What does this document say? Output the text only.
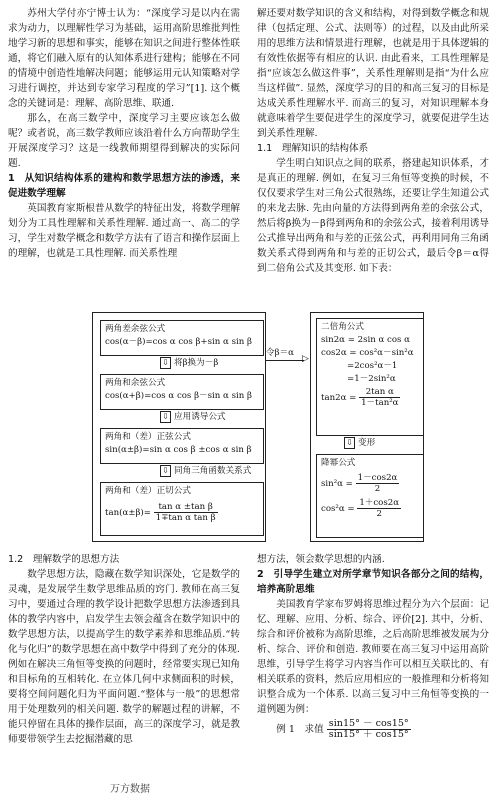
苏州大学付亦宁博士认为：“深度学习是以内在需求为动力，以理解性学习为基础，运用高阶思维批判性地学习新的思想和事实，能够在知识之间进行整体性联通，将它们融入原有的认知体系进行建构；能够在不同的情境中创造性地解决问题；能够运用元认知策略对学习进行调控，并达到专家学习程度的学习”[1]. 这个概念的关键词是：理解、高阶思维、联通.

那么，在高三数学中，深度学习主要应该怎么做呢？或者说，高三数学教师应该沿着什么方向帮助学生开展深度学习？这是一线教师期望得到解决的实际问题.

1　从知识结构体系的建构和数学思想方法的渗透，来促进数学理解

英国教育家斯根普从数学的特征出发，将数学理解划分为工具性理解和关系性理解. 通过高一、高二的学习，学生对数学概念和数学方法有了语言和操作层面上的理解，也就是工具性理解. 而关系性理

解还要对数学知识的含义和结构，对得到数学概念和规律（包括定理、公式、法则等）的过程，以及由此所采用的思维方法和情景进行理解，也就是用于具体逻辑的有效性依据等有相应的认识. 由此看来，工具性理解是指“应该怎么做这件事”，关系性理解则是指“为什么应当这样做”. 显然，深度学习的目的和高三复习的目标是达成关系性理解水平. 而高三的复习，对知识理解本身就意味着学生要促进学生的深度学习，就要促进学生达到关系性理解.

1.1　理解知识的结构体系

学生明白知识点之间的联系，搭建起知识体系，才是真正的理解. 例如，在复习三角恒等变换的时候，不仅仅要求学生对三角公式很熟练，还要让学生知道公式的来龙去脉. 先由向量的方法得到两角差的余弦公式，然后将β换为－β得到两角和的余弦公式，接着利用诱导公式推导出两角和与差的正弦公式，再利用同角三角函数关系式得到两角和与差的正切公式，最后令β＝α得到二倍角公式及其变形. 如下表：

两角差余弦公式
cos(α－β)=cos α cos β+sin α sin β
⇩ 将β换为－β
两角和余弦公式
cos(α+β)=cos α cos β－sin α sin β
⇩ 应用诱导公式
两角和（差）正弦公式
sin(α±β)=sin α cos β ±cos α sin β
⇩ 同角三角函数关系式
两角和（差）正切公式
$\tan(\alpha\pm\beta)= \frac{\text{tan α ±tan β}}{\text{1∓tan α tan β}}$
令β＝α
▷
二倍角公式
sin2α = 2sin α cos α
cos2α = cos²α－sin²α
=2cos²α－1
=1－2sin²α
$\tan 2\alpha = \frac{\text{2tan α}}{\text{1－tan²α}}$
⇩ 变形
降幂公式
$\sin^2\alpha = \frac{1-\cos 2\alpha}{2}$
$\cos^2\alpha = \frac{1+\cos 2\alpha}{2}$
1.2　理解数学的思想方法

数学思想方法，隐藏在数学知识深处，它是数学的灵魂，是发展学生数学思维品质的窍门. 教师在高三复习中，要通过合理的教学设计把数学思想方法渗透到具体的教学内容中，启发学生去领会蕴含在数学知识中的数学思想方法，以提高学生的数学素养和思维品质.“转化与化归”的数学思想在高中数学中得到了充分的体现. 例如在解决三角恒等变换的问题时，经常要实现已知角和目标角的互相转化. 在立体几何中求侧面积的时候，要将空间问题化归为平面问题.“整体与一般”的思想常用于处理数列的相关问题. 数学的解题过程的讲解，不能只停留在具体的操作层面，高三的深度学习，就是教师要带领学生去挖掘潜藏的思

想方法，领会数学思想的内涵.

2　引导学生建立对所学章节知识各部分之间的结构，培养高阶思维

美国教育学家布罗姆将思维过程分为六个层面：记忆、理解、应用、分析、综合、评价[2]. 其中，分析、综合和评价被称为高阶思维，之后高阶思维被发展为分析、综合、评价和创造. 教师要在高三复习中运用高阶思维，引导学生将学习内容当作可以相互关联比的、有相关联系的资料，然后应用相应的一般推理和分析将知识整合成为一个体系. 以高三复习中三角恒等变换的一道例题为例：

例 1　求值 $\frac{\sin 15^\circ - \cos 15^\circ}{\sin 15^\circ + \cos 15^\circ}$
万方数据
